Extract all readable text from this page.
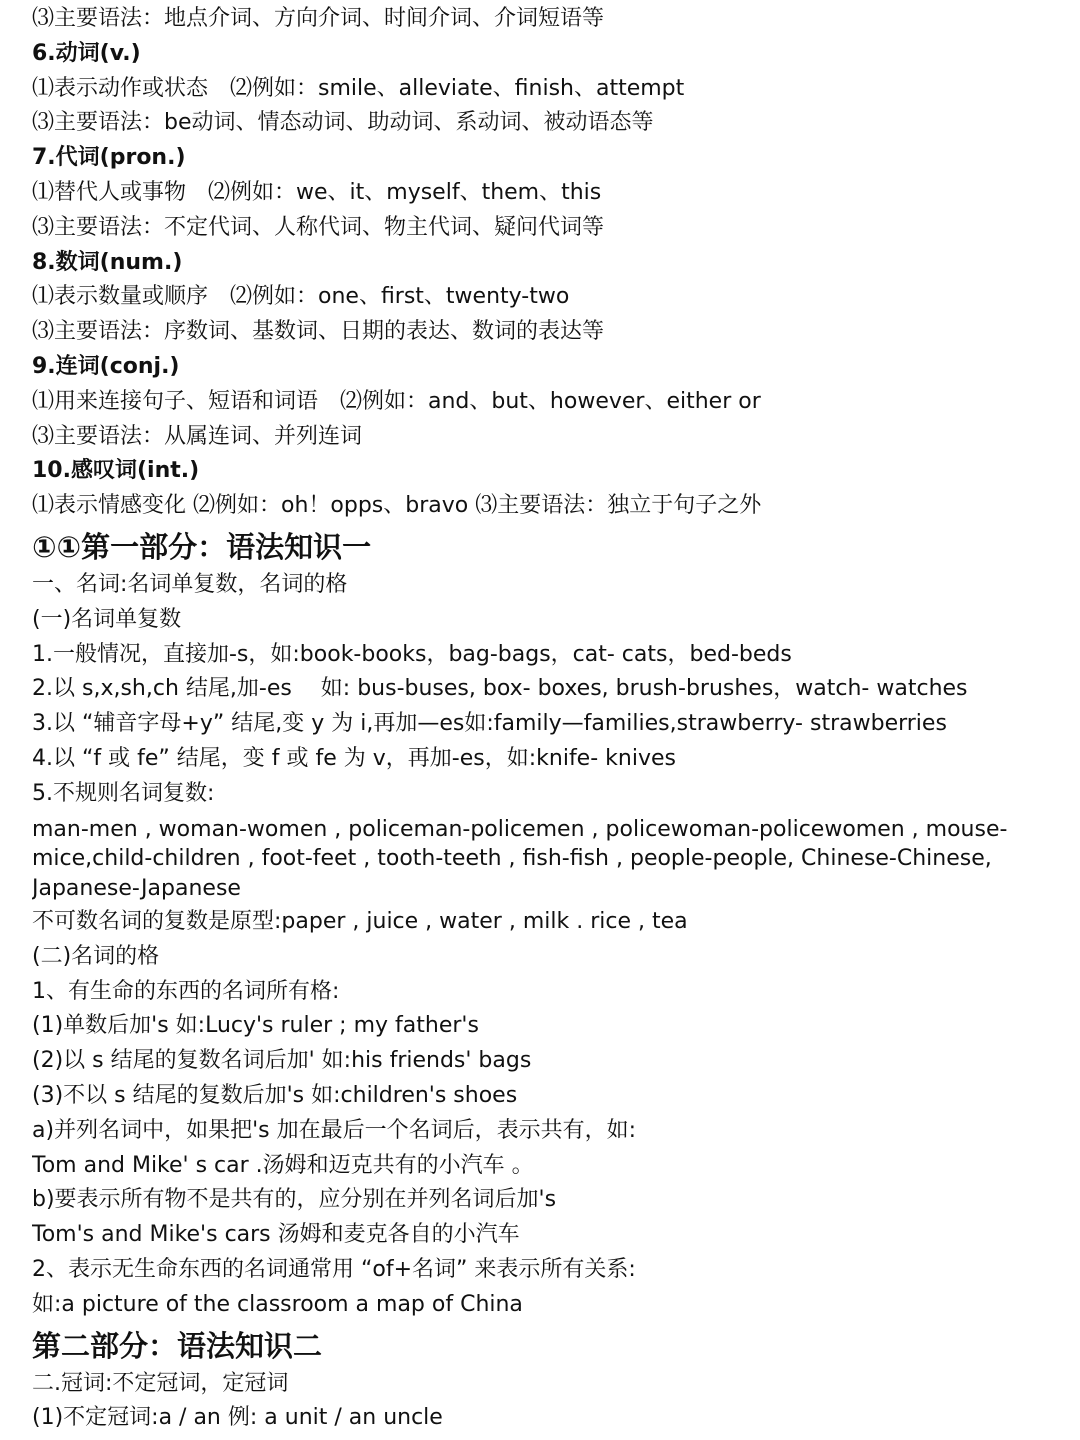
⑶主要语法：地点介词、方向介词、时间介词、介词短语等
6.动词(v.)
⑴表示动作或状态　⑵例如：smile、alleviate、finish、attempt
⑶主要语法：be动词、情态动词、助动词、系动词、被动语态等
7.代词(pron.)
⑴替代人或事物　⑵例如：we、it、myself、them、this
⑶主要语法：不定代词、人称代词、物主代词、疑问代词等
8.数词(num.)
⑴表示数量或顺序　⑵例如：one、first、twenty-two
⑶主要语法：序数词、基数词、日期的表达、数词的表达等
9.连词(conj.)
⑴用来连接句子、短语和词语　⑵例如：and、but、however、either or
⑶主要语法：从属连词、并列连词
10.感叹词(int.)
⑴表示情感变化 ⑵例如：oh！opps、bravo ⑶主要语法：独立于句子之外
①①第一部分：语法知识一
一、名词:名词单复数，名词的格
(一)名词单复数
1.一般情况，直接加-s，如:book-books，bag-bags，cat- cats，bed-beds
2.以 s,x,sh,ch 结尾,加-es　 如: bus-buses, box- boxes, brush-brushes，watch- watches
3.以 “辅音字母+y” 结尾,变 y 为 i,再加—es如:family—families,strawberry- strawberries
4.以 “f 或 fe” 结尾，变 f 或 fe 为 v，再加-es，如:knife- knives
5.不规则名词复数:
man-men , woman-women , policeman-policemen , policewoman-policewomen , mouse-mice,child-children , foot-feet , tooth-teeth , fish-fish , people-people, Chinese-Chinese, Japanese-Japanese
不可数名词的复数是原型:paper , juice , water , milk . rice , tea
(二)名词的格
1、有生命的东西的名词所有格:
(1)单数后加's 如:Lucy's ruler ; my father's
(2)以 s 结尾的复数名词后加' 如:his friends' bags
(3)不以 s 结尾的复数后加's 如:children's shoes
a)并列名词中，如果把's 加在最后一个名词后，表示共有，如:
Tom and Mike' s car .汤姆和迈克共有的小汽车 。
b)要表示所有物不是共有的，应分别在并列名词后加's
Tom's and Mike's cars 汤姆和麦克各自的小汽车
2、表示无生命东西的名词通常用 “of+名词” 来表示所有关系:
如:a picture of the classroom a map of China
第二部分：语法知识二
二.冠词:不定冠词，定冠词
(1)不定冠词:a / an 例: a unit / an uncle
